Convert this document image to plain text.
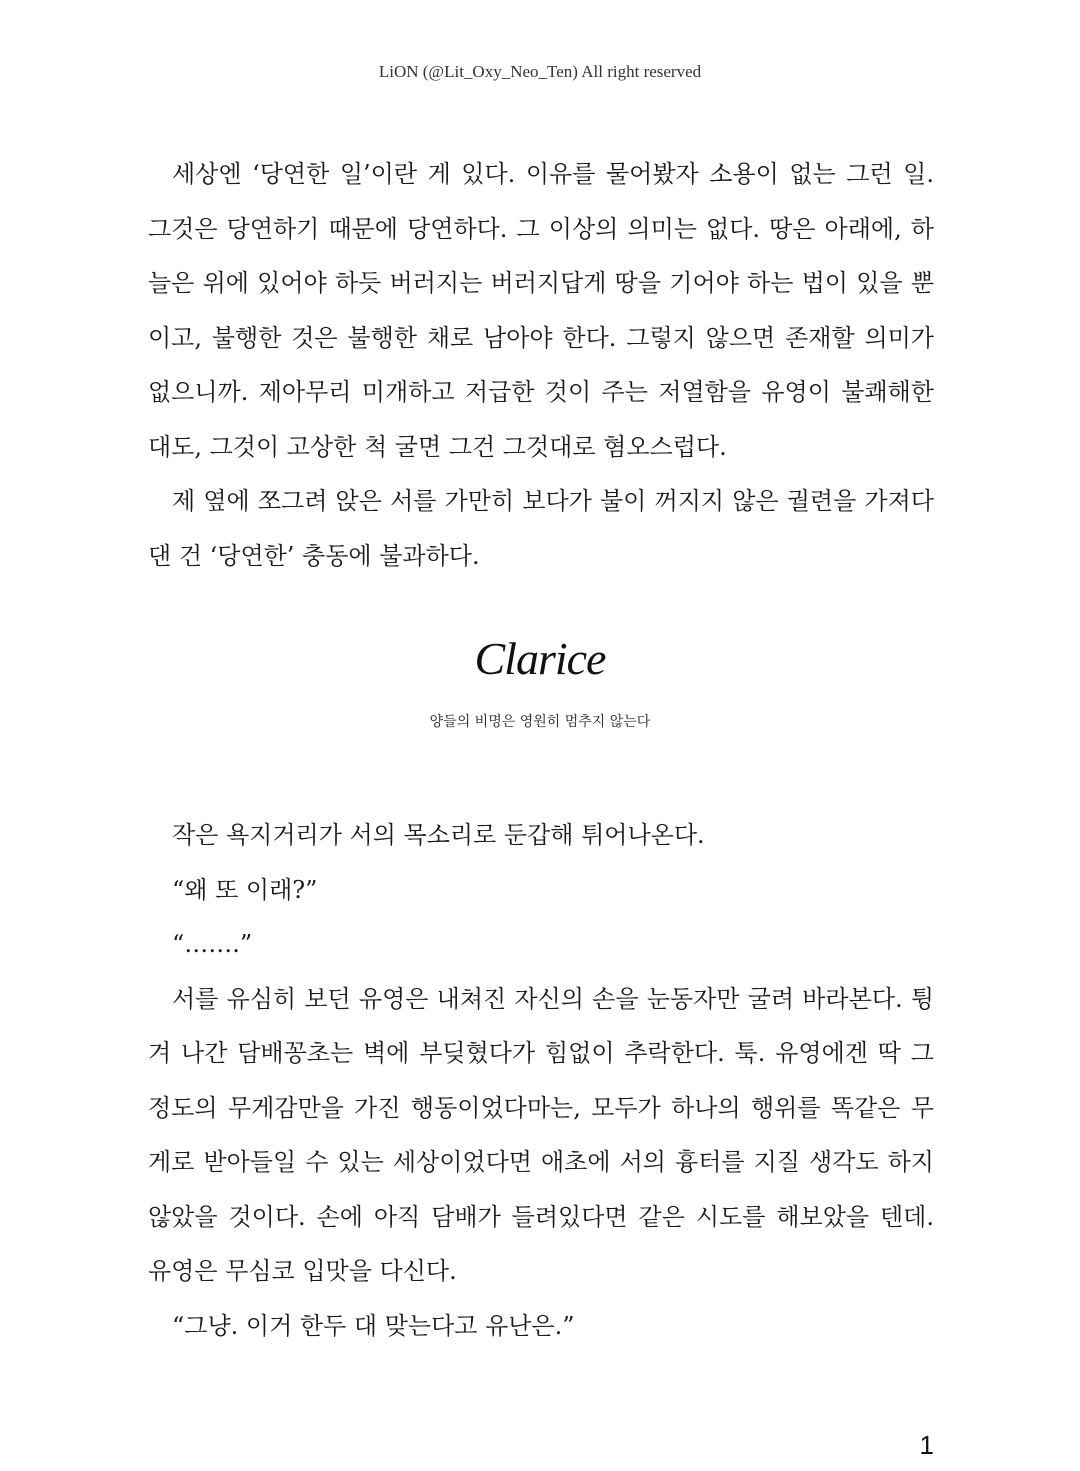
LiON (@Lit_Oxy_Neo_Ten) All right reserved

세상엔 ‘당연한 일’이란 게 있다. 이유를 물어봤자 소용이 없는 그런 일. 그것은 당연하기 때문에 당연하다. 그 이상의 의미는 없다. 땅은 아래에, 하늘은 위에 있어야 하듯 버러지는 버러지답게 땅을 기어야 하는 법이 있을 뿐이고, 불행한 것은 불행한 채로 남아야 한다. 그렇지 않으면 존재할 의미가 없으니까. 제아무리 미개하고 저급한 것이 주는 저열함을 유영이 불쾌해한대도, 그것이 고상한 척 굴면 그건 그것대로 혐오스럽다.

제 옆에 쪼그려 앉은 서를 가만히 보다가 불이 꺼지지 않은 궐련을 가져다 댄 건 ‘당연한’ 충동에 불과하다.

Clarice
양들의 비명은 영원히 멈추지 않는다

작은 욕지거리가 서의 목소리로 둔갑해 튀어나온다.

“왜 또 이래?”

“…….”

서를 유심히 보던 유영은 내쳐진 자신의 손을 눈동자만 굴려 바라본다. 튕겨 나간 담배꽁초는 벽에 부딪혔다가 힘없이 추락한다. 툭. 유영에겐 딱 그 정도의 무게감만을 가진 행동이었다마는, 모두가 하나의 행위를 똑같은 무게로 받아들일 수 있는 세상이었다면 애초에 서의 흉터를 지질 생각도 하지 않았을 것이다. 손에 아직 담배가 들려있다면 같은 시도를 해보았을 텐데. 유영은 무심코 입맛을 다신다.

“그냥. 이거 한두 대 맞는다고 유난은.”

1
